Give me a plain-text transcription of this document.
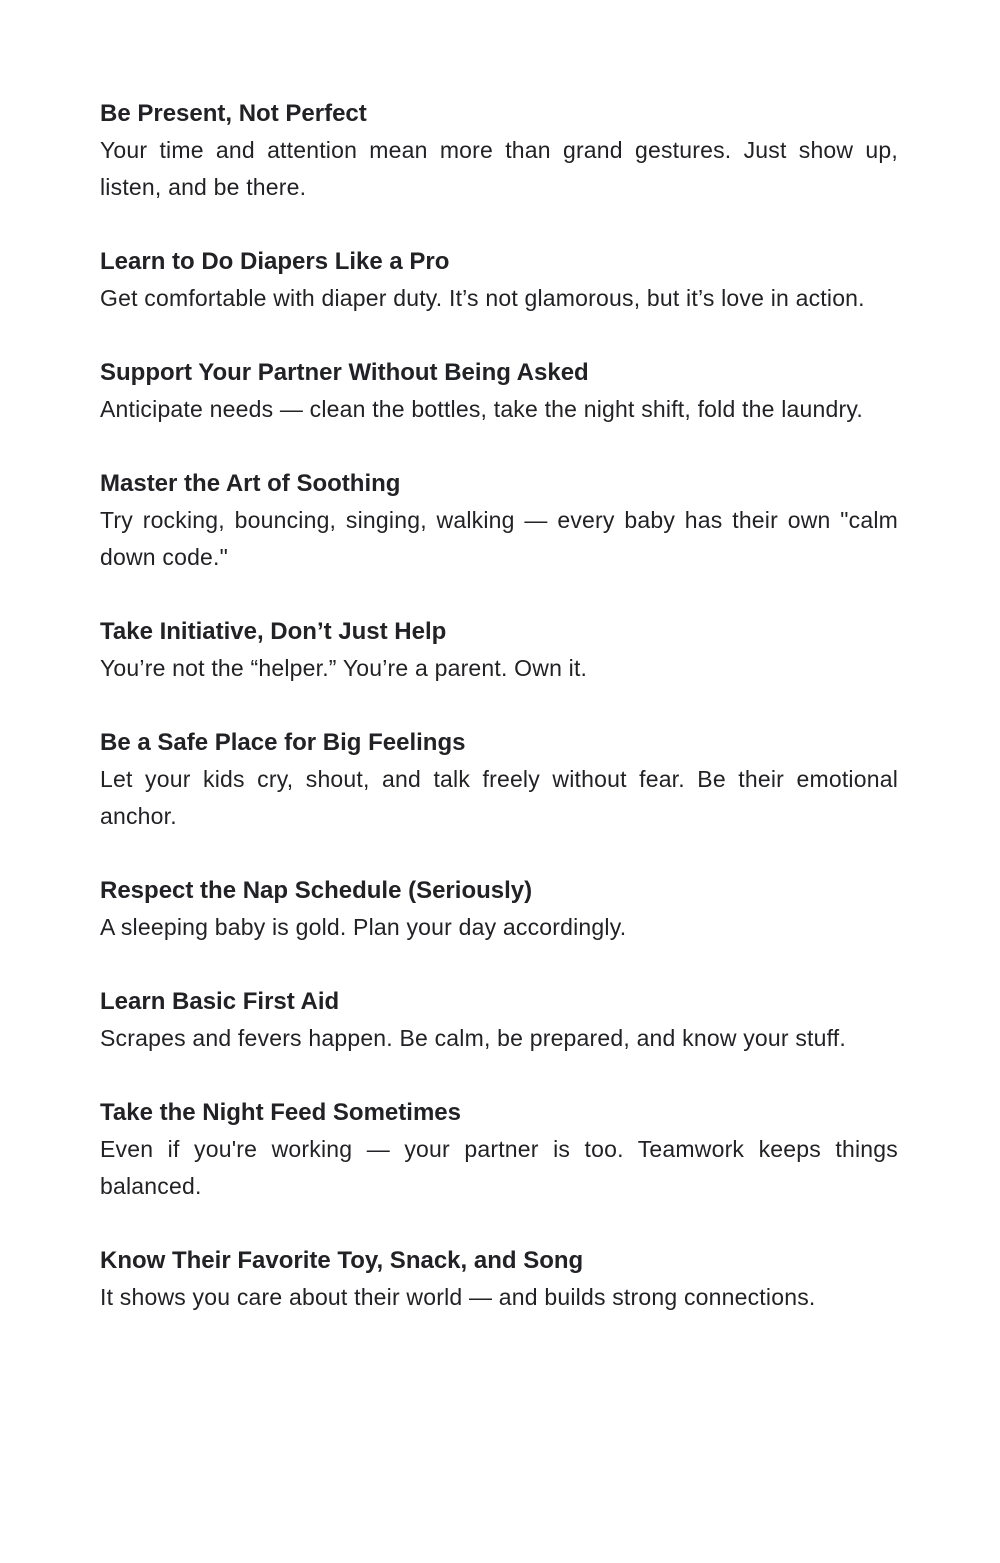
Be Present, Not Perfect

Your time and attention mean more than grand gestures. Just show up, listen, and be there.

Learn to Do Diapers Like a Pro

Get comfortable with diaper duty. It’s not glamorous, but it’s love in action.

Support Your Partner Without Being Asked

Anticipate needs — clean the bottles, take the night shift, fold the laundry.

Master the Art of Soothing

Try rocking, bouncing, singing, walking — every baby has their own "calm down code."

Take Initiative, Don’t Just Help

You’re not the “helper.” You’re a parent. Own it.

Be a Safe Place for Big Feelings

Let your kids cry, shout, and talk freely without fear. Be their emotional anchor.

Respect the Nap Schedule (Seriously)

A sleeping baby is gold. Plan your day accordingly.

Learn Basic First Aid

Scrapes and fevers happen. Be calm, be prepared, and know your stuff.

Take the Night Feed Sometimes

Even if you're working — your partner is too. Teamwork keeps things balanced.

Know Their Favorite Toy, Snack, and Song

It shows you care about their world — and builds strong connections.
